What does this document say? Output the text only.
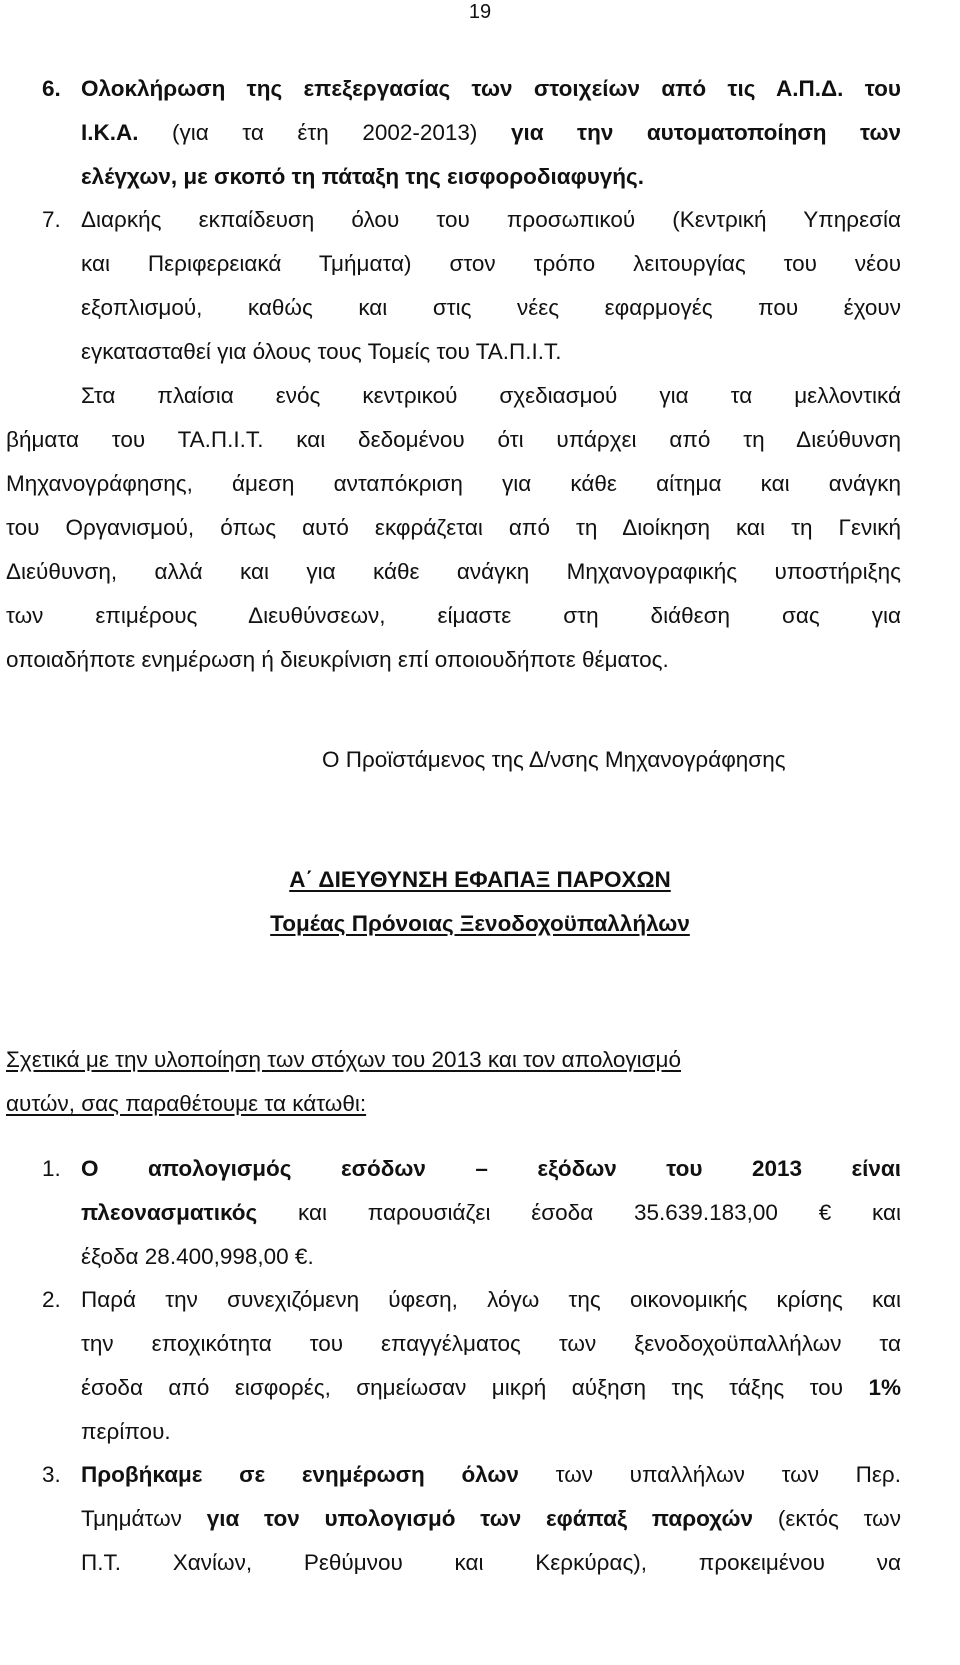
19
6. Ολοκλήρωση της επεξεργασίας των στοιχείων από τις Α.Π.Δ. του
Ι.Κ.Α. (για τα έτη 2002-2013) για την αυτοματοποίηση των
ελέγχων, με σκοπό τη πάταξη της εισφοροδιαφυγής.
7. Διαρκής εκπαίδευση όλου του προσωπικού (Κεντρική Υπηρεσία
και Περιφερειακά Τμήματα) στον τρόπο λειτουργίας του νέου
εξοπλισμού, καθώς και στις νέες εφαρμογές που έχουν
εγκατασταθεί για όλους τους Τομείς του ΤΑ.Π.Ι.Τ.
Στα πλαίσια ενός κεντρικού σχεδιασμού για τα μελλοντικά
βήματα του ΤΑ.Π.Ι.Τ. και δεδομένου ότι υπάρχει από τη Διεύθυνση
Μηχανογράφησης, άμεση ανταπόκριση για κάθε αίτημα και ανάγκη
του Οργανισμού, όπως αυτό εκφράζεται από τη Διοίκηση και τη Γενική
Διεύθυνση, αλλά και για κάθε ανάγκη Μηχανογραφικής υποστήριξης
των επιμέρους Διευθύνσεων, είμαστε στη διάθεση σας για
οποιαδήποτε ενημέρωση ή διευκρίνιση επί οποιουδήποτε θέματος.
Ο Προϊστάμενος της Δ/νσης Μηχανογράφησης
Α΄ ΔΙΕΥΘΥΝΣΗ ΕΦΑΠΑΞ ΠΑΡΟΧΩΝ
Τομέας Πρόνοιας Ξενοδοχοϋπαλλήλων
Σχετικά με την υλοποίηση των στόχων του 2013 και τον απολογισμό
αυτών, σας παραθέτουμε τα κάτωθι:
1. Ο απολογισμός εσόδων – εξόδων του 2013 είναι
πλεονασματικός και παρουσιάζει έσοδα 35.639.183,00 € και
έξοδα 28.400,998,00 €.
2. Παρά την συνεχιζόμενη ύφεση, λόγω της οικονομικής κρίσης και
την εποχικότητα του επαγγέλματος των ξενοδοχοϋπαλλήλων τα
έσοδα από εισφορές, σημείωσαν μικρή αύξηση της τάξης του 1%
περίπου.
3. Προβήκαμε σε ενημέρωση όλων των υπαλλήλων των Περ.
Τμημάτων για τον υπολογισμό των εφάπαξ παροχών (εκτός των
Π.Τ. Χανίων, Ρεθύμνου και Κερκύρας), προκειμένου να
